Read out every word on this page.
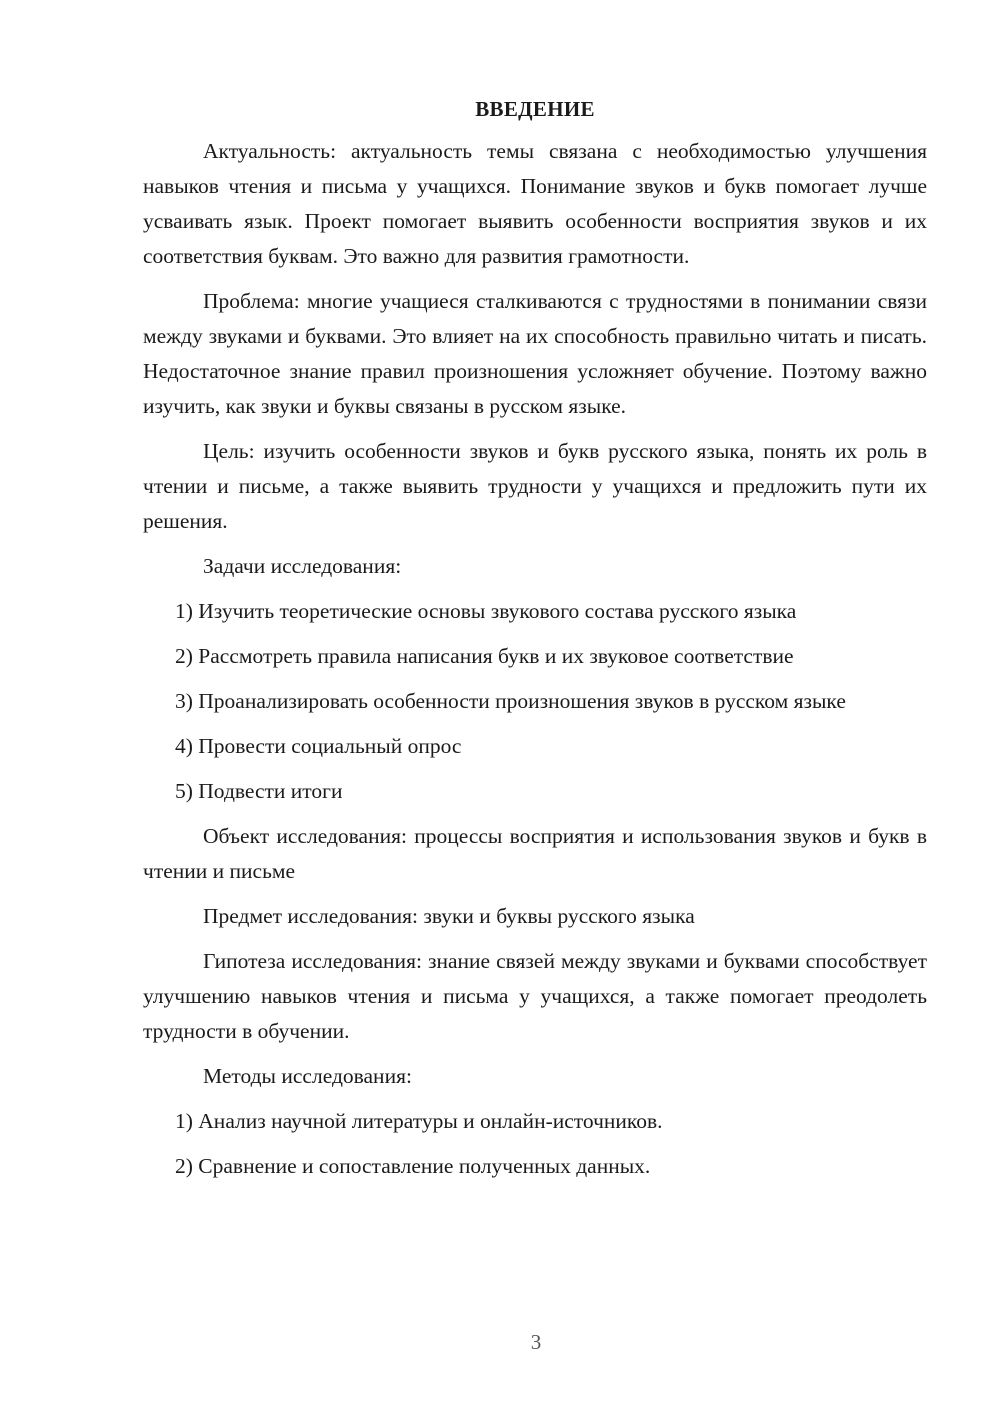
ВВЕДЕНИЕ

Актуальность: актуальность темы связана с необходимостью улучшения навыков чтения и письма у учащихся. Понимание звуков и букв помогает лучше усваивать язык. Проект помогает выявить особенности восприятия звуков и их соответствия буквам. Это важно для развития грамотности.

Проблема: многие учащиеся сталкиваются с трудностями в понимании связи между звуками и буквами. Это влияет на их способность правильно читать и писать. Недостаточное знание правил произношения усложняет обучение. Поэтому важно изучить, как звуки и буквы связаны в русском языке.

Цель: изучить особенности звуков и букв русского языка, понять их роль в чтении и письме, а также выявить трудности у учащихся и предложить пути их решения.

Задачи исследования:

1) Изучить теоретические основы звукового состава русского языка

2) Рассмотреть правила написания букв и их звуковое соответствие

3) Проанализировать особенности произношения звуков в русском языке

4) Провести социальный опрос

5) Подвести итоги

Объект исследования: процессы восприятия и использования звуков и букв в чтении и письме

Предмет исследования: звуки и буквы русского языка

Гипотеза исследования: знание связей между звуками и буквами способствует улучшению навыков чтения и письма у учащихся, а также помогает преодолеть трудности в обучении.

Методы исследования:

1) Анализ научной литературы и онлайн-источников.

2) Сравнение и сопоставление полученных данных.

3
